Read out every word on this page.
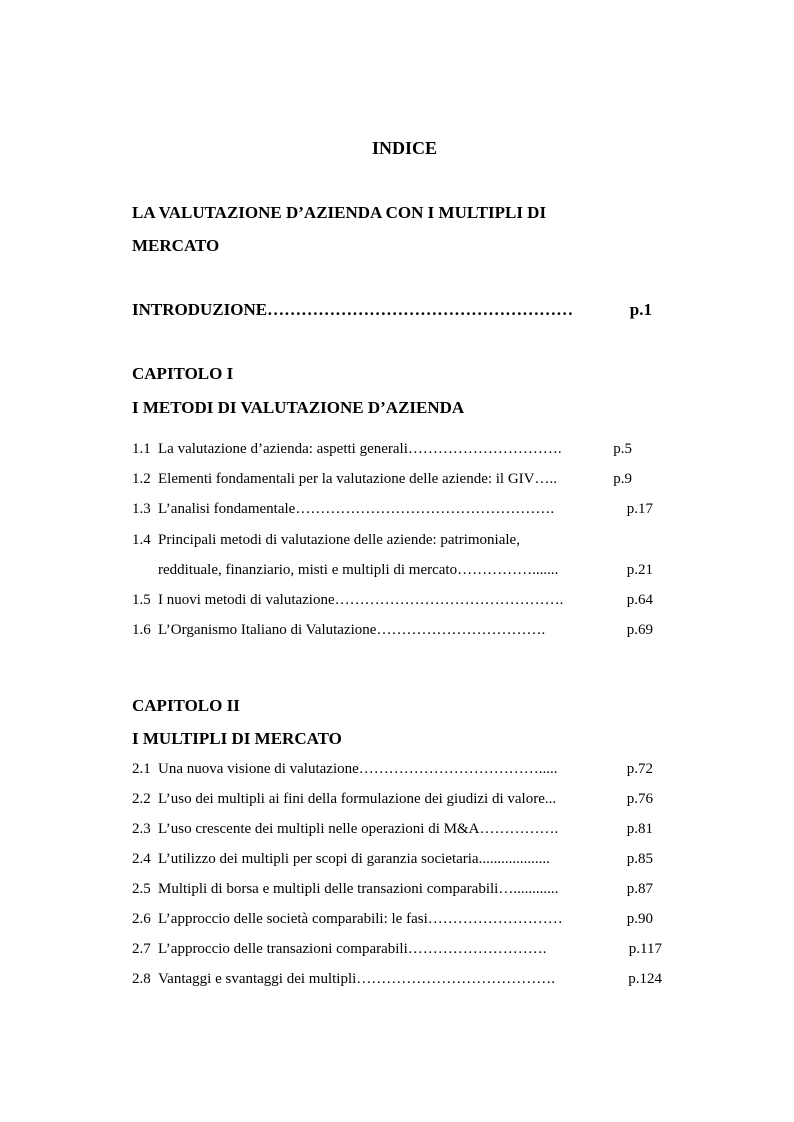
INDICE
LA VALUTAZIONE D’AZIENDA CON I MULTIPLI DI
MERCATO
INTRODUZIONE ………………………………………………	p.1
CAPITOLO I
I METODI DI VALUTAZIONE D’AZIENDA
1.1 La valutazione d’azienda: aspetti generali ………………………….	p.5
1.2 Elementi fondamentali per la valutazione delle aziende: il GIV …..	p.9
1.3 L’analisi fondamentale …………………………………………….	p.17
1.4 Principali metodi di valutazione delle aziende: patrimoniale,
reddituale, finanziario, misti e multipli di mercato …………….......	p.21
1.5 I nuovi metodi di valutazione ……………………………………….	p.64
1.6 L’Organismo Italiano di Valutazione …………………………….	p.69
CAPITOLO II
I MULTIPLI DI MERCATO
2.1 Una nuova visione di valutazione ……………………………….....	p.72
2.2 L’uso dei multipli ai fini della formulazione dei giudizi di valore ...	p.76
2.3 L’uso crescente dei multipli nelle operazioni di M&A …………….	p.81
2.4 L’utilizzo dei multipli per scopi di garanzia societaria ...................	p.85
2.5 Multipli di borsa e multipli delle transazioni comparabili …............	p.87
2.6 L’approccio delle società comparabili: le fasi ………………………	p.90
2.7 L’approccio delle transazioni comparabili ……………………….	p.117
2.8 Vantaggi e svantaggi dei multipli ………………………………….	p.124
